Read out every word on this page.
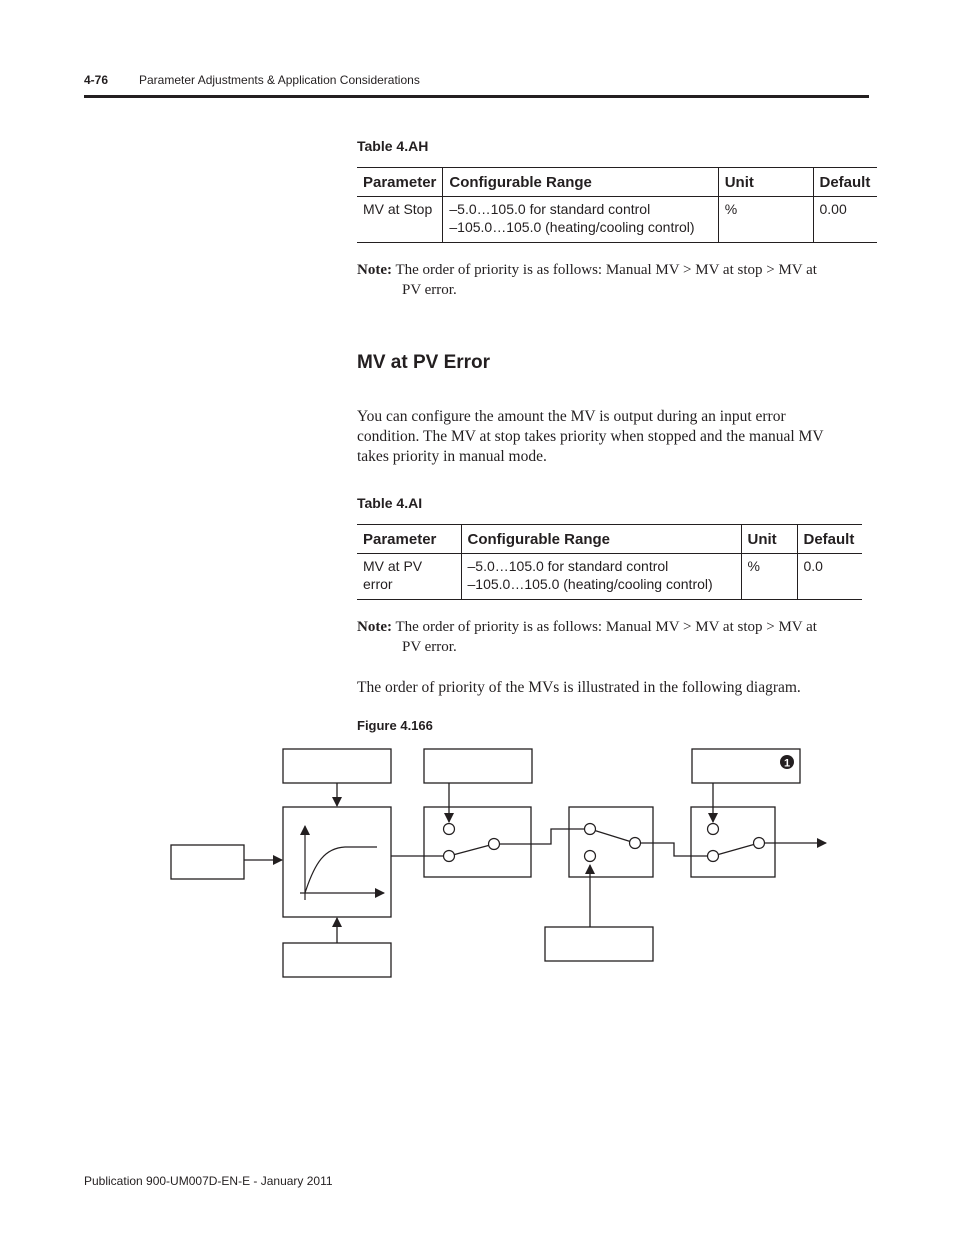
4-76	Parameter Adjustments & Application Considerations
Table 4.AH
Parameter	Configurable Range	Unit	Default
MV at Stop	–5.0…105.0 for standard control
–105.0…105.0 (heating/cooling control)	%	0.00
Note: The order of priority is as follows: Manual MV > MV at stop > MV at
PV error.
MV at PV Error
You can configure the amount the MV is output during an input error
condition. The MV at stop takes priority when stopped and the manual MV
takes priority in manual mode.
Table 4.AI
Parameter	Configurable Range	Unit	Default
MV at PV error	–5.0…105.0 for standard control
–105.0…105.0 (heating/cooling control)	%	0.0
Note: The order of priority is as follows: Manual MV > MV at stop > MV at
PV error.
The order of priority of the MVs is illustrated in the following diagram.
Figure 4.166
1
Publication 900-UM007D-EN-E - January 2011
